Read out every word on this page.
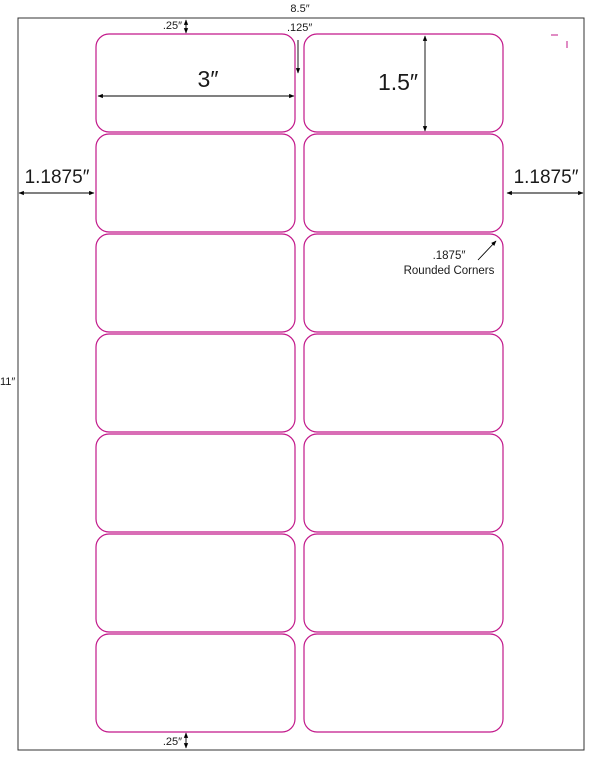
8.5″
11″
.25″	.125″
3″	1.5″
1.1875″	1.1875″
.1875″
Rounded Corners
.25″
